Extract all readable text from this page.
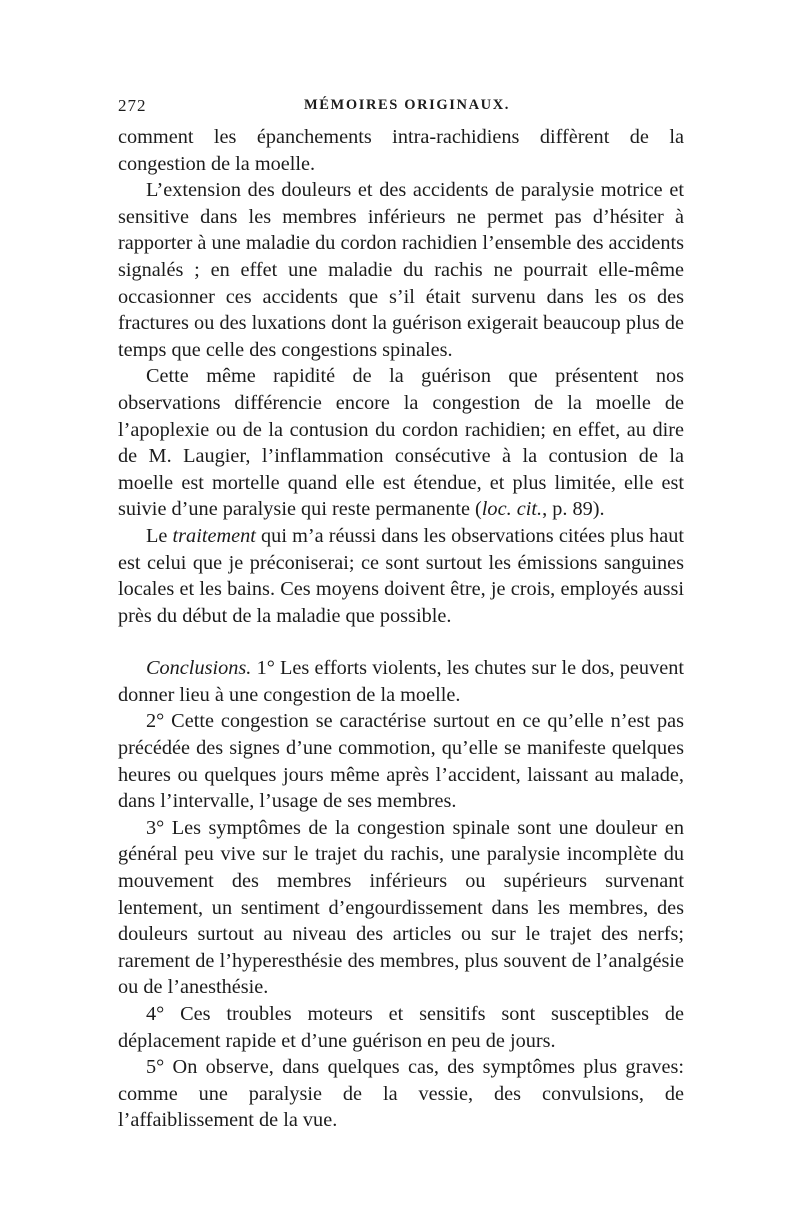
272	MÉMOIRES ORIGINAUX.

comment les épanchements intra-rachidiens diffèrent de la congestion de la moelle.

L’extension des douleurs et des accidents de paralysie motrice et sensitive dans les membres inférieurs ne permet pas d’hésiter à rapporter à une maladie du cordon rachidien l’ensemble des accidents signalés ; en effet une maladie du rachis ne pourrait elle-même occasionner ces accidents que s’il était survenu dans les os des fractures ou des luxations dont la guérison exigerait beaucoup plus de temps que celle des congestions spinales.

Cette même rapidité de la guérison que présentent nos observations différencie encore la congestion de la moelle de l’apoplexie ou de la contusion du cordon rachidien; en effet, au dire de M. Laugier, l’inflammation consécutive à la contusion de la moelle est mortelle quand elle est étendue, et plus limitée, elle est suivie d’une paralysie qui reste permanente (loc. cit., p. 89).

Le traitement qui m’a réussi dans les observations citées plus haut est celui que je préconiserai; ce sont surtout les émissions sanguines locales et les bains. Ces moyens doivent être, je crois, employés aussi près du début de la maladie que possible.

Conclusions. 1° Les efforts violents, les chutes sur le dos, peuvent donner lieu à une congestion de la moelle.

2° Cette congestion se caractérise surtout en ce qu’elle n’est pas précédée des signes d’une commotion, qu’elle se manifeste quelques heures ou quelques jours même après l’accident, laissant au malade, dans l’intervalle, l’usage de ses membres.

3° Les symptômes de la congestion spinale sont une douleur en général peu vive sur le trajet du rachis, une paralysie incomplète du mouvement des membres inférieurs ou supérieurs survenant lentement, un sentiment d’engourdissement dans les membres, des douleurs surtout au niveau des articles ou sur le trajet des nerfs; rarement de l’hyperesthésie des membres, plus souvent de l’analgésie ou de l’anesthésie.

4° Ces troubles moteurs et sensitifs sont susceptibles de déplacement rapide et d’une guérison en peu de jours.

5° On observe, dans quelques cas, des symptômes plus graves: comme une paralysie de la vessie, des convulsions, de l’affaiblissement de la vue.
